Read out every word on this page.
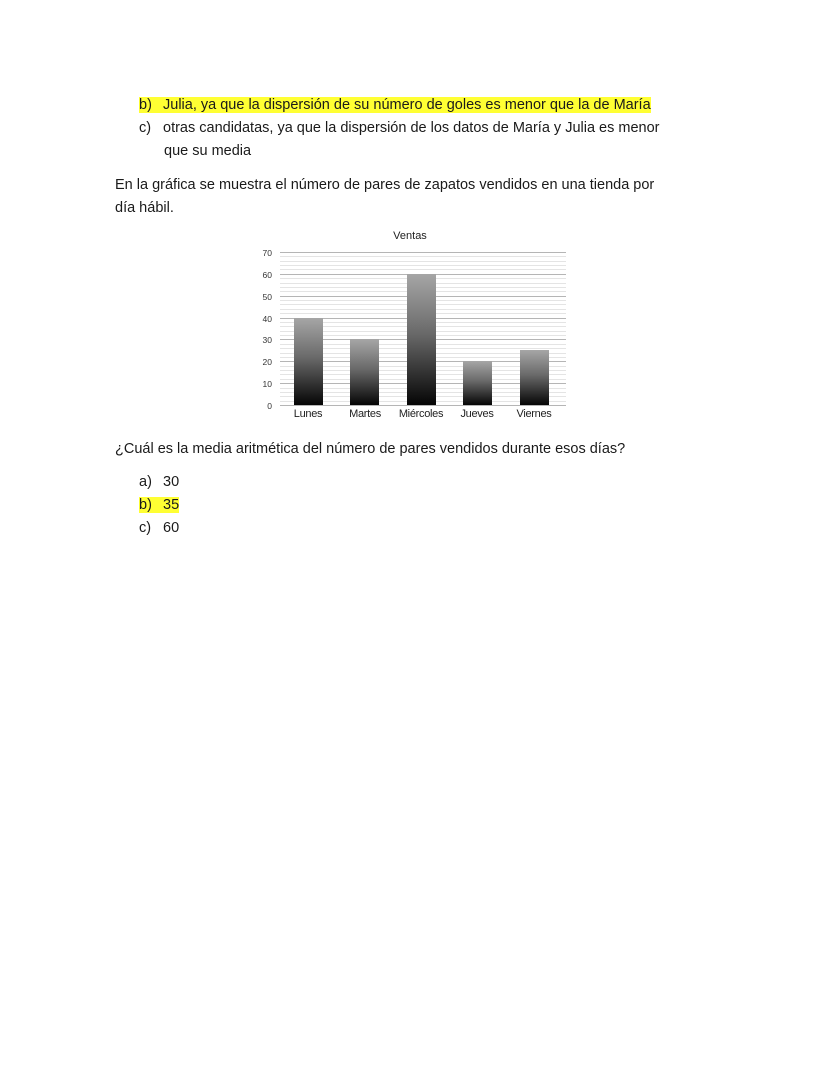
b) Julia, ya que la dispersión de su número de goles es menor que la de María
c) otras candidatas, ya que la dispersión de los datos de María y Julia es menor
que su media
En la gráfica se muestra el número de pares de zapatos vendidos en una tienda por
día hábil.
Ventas
70
60
50
40
30
20
10
0
Lunes	Martes	Miércoles	Jueves	Viernes
¿Cuál es la media aritmética del número de pares vendidos durante esos días?
a) 30
b) 35
c) 60
